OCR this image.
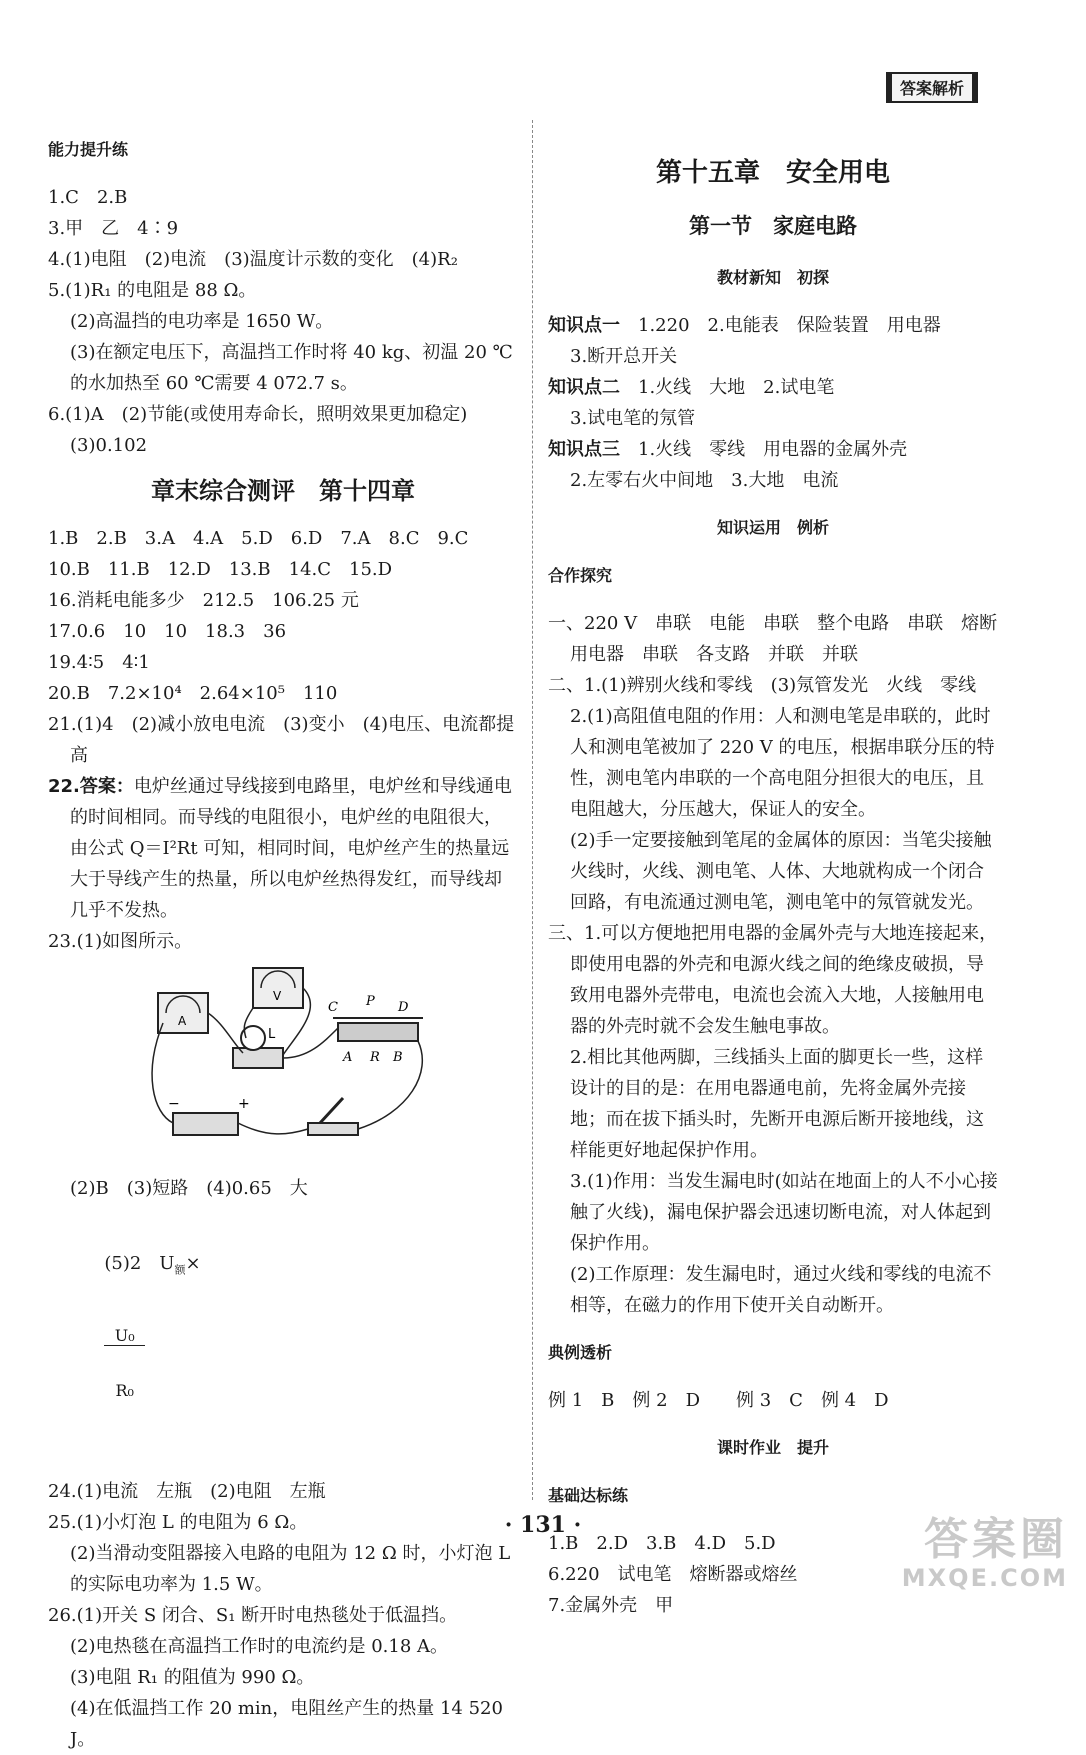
答案解析

能力提升练

1.C　2.B

3.甲　乙　4∶9

4.(1)电阻　(2)电流　(3)温度计示数的变化　(4)R₂

5.(1)R₁ 的电阻是 88 Ω。

(2)高温挡的电功率是 1650 W。

(3)在额定电压下，高温挡工作时将 40 kg、初温 20 ℃的水加热至 60 ℃需要 4 072.7 s。

6.(1)A　(2)节能(或使用寿命长，照明效果更加稳定)

(3)0.102

章末综合测评　第十四章

1.B　2.B　3.A　4.A　5.D　6.D　7.A　8.C　9.C

10.B　11.B　12.D　13.B　14.C　15.D

16.消耗电能多少　212.5　106.25 元

17.0.6　10　10　18.3　36

19.4∶5　4∶1

20.B　7.2×10⁴　2.64×10⁵　110

21.(1)4　(2)减小放电电流　(3)变小　(4)电压、电流都提高

22.答案：电炉丝通过导线接到电路里，电炉丝和导线通电的时间相同。而导线的电阻很小，电炉丝的电阻很大，由公式 Q＝I²Rt 可知，相同时间，电炉丝产生的热量远大于导线产生的热量，所以电炉丝热得发红，而导线却几乎不发热。

23.(1)如图所示。

A
V
L
C P D
A R B
−	+

(2)B　(3)短路　(4)0.65　大

(5)2　$U_额\times$

$\frac{\text{U₀}}{\text{R₀}}$

24.(1)电流　左瓶　(2)电阻　左瓶

25.(1)小灯泡 L 的电阻为 6 Ω。

(2)当滑动变阻器接入电路的电阻为 12 Ω 时，小灯泡 L 的实际电功率为 1.5 W。

26.(1)开关 S 闭合、S₁ 断开时电热毯处于低温挡。

(2)电热毯在高温挡工作时的电流约是 0.18 A。

(3)电阻 R₁ 的阻值为 990 Ω。

(4)在低温挡工作 20 min，电阻丝产生的热量 14 520 J。

第十五章　安全用电

第一节　家庭电路

教材新知　初探

知识点一　1.220　2.电能表　保险装置　用电器

3.断开总开关

知识点二　1.火线　大地　2.试电笔

3.试电笔的氖管

知识点三　1.火线　零线　用电器的金属外壳

2.左零右火中间地　3.大地　电流

知识运用　例析

合作探究

一、220 V　串联　电能　串联　整个电路　串联　熔断　用电器　串联　各支路　并联　并联

二、1.(1)辨别火线和零线　(3)氖管发光　火线　零线

2.(1)高阻值电阻的作用：人和测电笔是串联的，此时人和测电笔被加了 220 V 的电压，根据串联分压的特性，测电笔内串联的一个高电阻分担很大的电压，且电阻越大，分压越大，保证人的安全。

(2)手一定要接触到笔尾的金属体的原因：当笔尖接触火线时，火线、测电笔、人体、大地就构成一个闭合回路，有电流通过测电笔，测电笔中的氖管就发光。

三、1.可以方便地把用电器的金属外壳与大地连接起来，即使用电器的外壳和电源火线之间的绝缘皮破损，导致用电器外壳带电，电流也会流入大地，人接触用电器的外壳时就不会发生触电事故。

2.相比其他两脚，三线插头上面的脚更长一些，这样设计的目的是：在用电器通电前，先将金属外壳接地；而在拔下插头时，先断开电源后断开接地线，这样能更好地起保护作用。

3.(1)作用：当发生漏电时(如站在地面上的人不小心接触了火线)，漏电保护器会迅速切断电流，对人体起到保护作用。

(2)工作原理：发生漏电时，通过火线和零线的电流不相等，在磁力的作用下使开关自动断开。

典例透析

例 1　B　例 2　D　　例 3　C　例 4　D

课时作业　提升

基础达标练

1.B　2.D　3.B　4.D　5.D

6.220　试电笔　熔断器或熔丝

7.金属外壳　甲

· 131 ·	答案圈
MXQE.COM
